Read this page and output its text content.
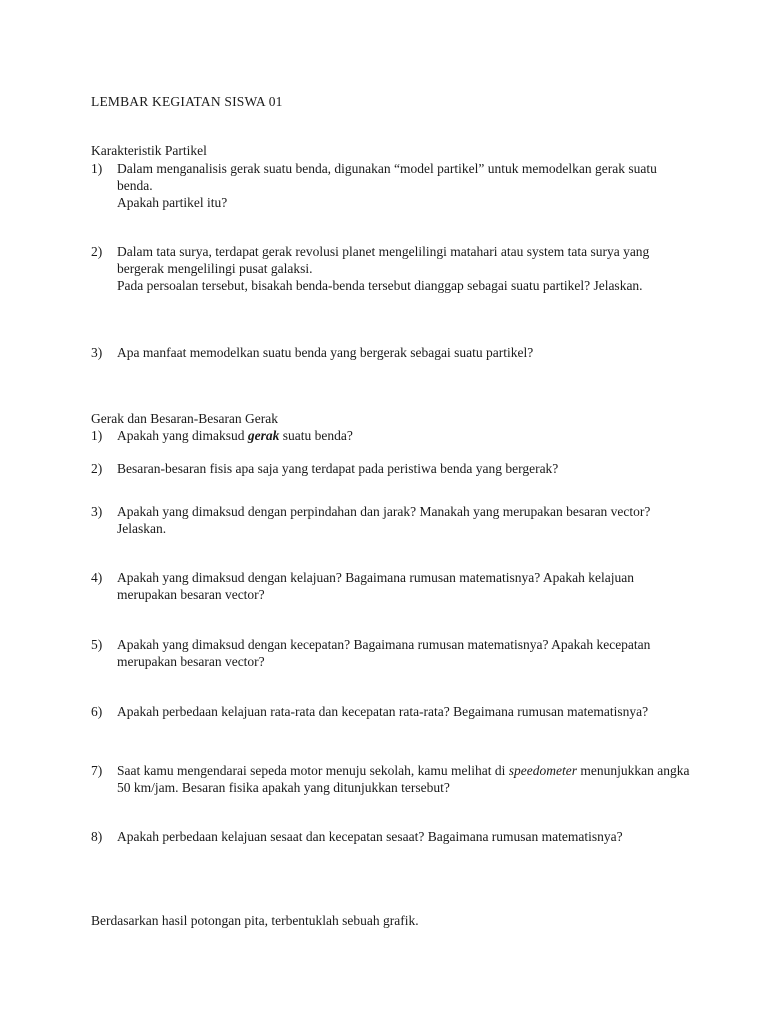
LEMBAR KEGIATAN SISWA 01
Karakteristik Partikel
1)	Dalam menganalisis gerak suatu benda, digunakan “model partikel” untuk memodelkan gerak suatu benda.

Apakah partikel itu?

2)	Dalam tata surya, terdapat gerak revolusi planet mengelilingi matahari atau system tata surya yang bergerak mengelilingi pusat galaksi.

Pada persoalan tersebut, bisakah benda-benda tersebut dianggap sebagai suatu partikel? Jelaskan.

3)	Apa manfaat memodelkan suatu benda yang bergerak sebagai suatu partikel?

Gerak dan Besaran-Besaran Gerak
1)	Apakah yang dimaksud gerak suatu benda?

2)	Besaran-besaran fisis apa saja yang terdapat pada peristiwa benda yang bergerak?

3)	Apakah yang dimaksud dengan perpindahan dan jarak? Manakah yang merupakan besaran vector? Jelaskan.

4)	Apakah yang dimaksud dengan kelajuan? Bagaimana rumusan matematisnya? Apakah kelajuan merupakan besaran vector?

5)	Apakah yang dimaksud dengan kecepatan? Bagaimana rumusan matematisnya? Apakah kecepatan merupakan besaran vector?

6)	Apakah perbedaan kelajuan rata-rata dan kecepatan rata-rata? Begaimana rumusan matematisnya?

7)	Saat kamu mengendarai sepeda motor menuju sekolah, kamu melihat di speedometer menunjukkan angka 50 km/jam. Besaran fisika apakah yang ditunjukkan tersebut?

8)	Apakah perbedaan kelajuan sesaat dan kecepatan sesaat? Bagaimana rumusan matematisnya?

Berdasarkan hasil potongan pita, terbentuklah sebuah grafik.
